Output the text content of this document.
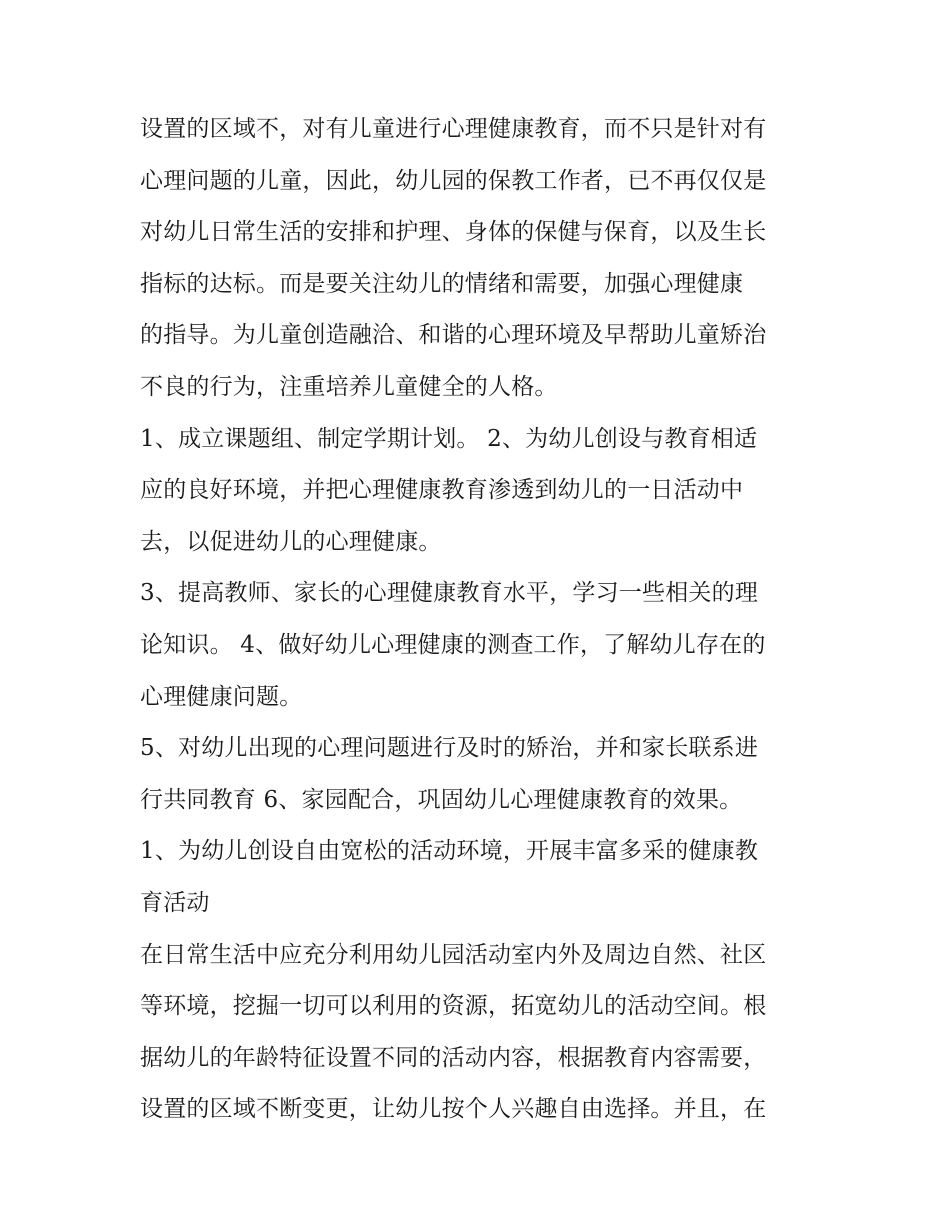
设置的区域不，对有儿童进行心理健康教育，而不只是针对有
心理问题的儿童，因此，幼儿园的保教工作者，已不再仅仅是
对幼儿日常生活的安排和护理、身体的保健与保育，以及生长
指标的达标。而是要关注幼儿的情绪和需要，加强心理健康
的指导。为儿童创造融洽、和谐的心理环境及早帮助儿童矫治
不良的行为，注重培养儿童健全的人格。
1、成立课题组、制定学期计划。 2、为幼儿创设与教育相适
应的良好环境，并把心理健康教育渗透到幼儿的一日活动中
去，以促进幼儿的心理健康。
3、提高教师、家长的心理健康教育水平，学习一些相关的理
论知识。 4、做好幼儿心理健康的测查工作，了解幼儿存在的
心理健康问题。
5、对幼儿出现的心理问题进行及时的矫治，并和家长联系进
行共同教育 6、家园配合，巩固幼儿心理健康教育的效果。
1、为幼儿创设自由宽松的活动环境，开展丰富多采的健康教
育活动
在日常生活中应充分利用幼儿园活动室内外及周边自然、社区
等环境，挖掘一切可以利用的资源，拓宽幼儿的活动空间。根
据幼儿的年龄特征设置不同的活动内容，根据教育内容需要，
设置的区域不断变更，让幼儿按个人兴趣自由选择。并且，在
